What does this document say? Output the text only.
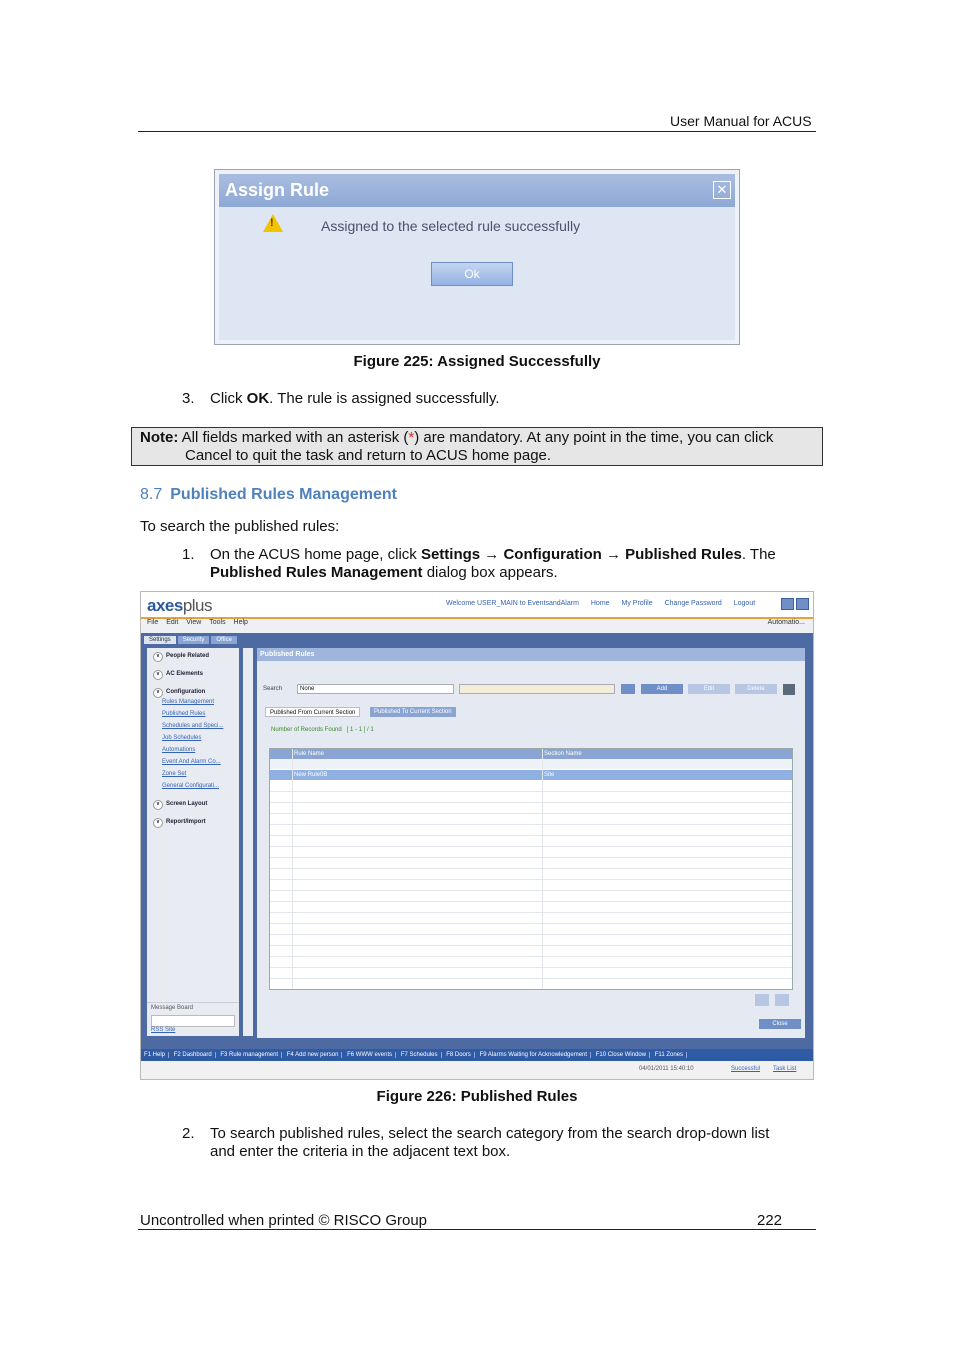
User Manual for ACUS
Assign Rule	✕
!	Assigned to the selected rule successfully
Ok
Figure 225: Assigned Successfully
3. Click OK. The rule is assigned successfully.
Note: All fields marked with an asterisk (*) are mandatory. At any point in the time, you can click
Cancel to quit the task and return to ACUS home page.
8.7 Published Rules Management
To search the published rules:
1. On the ACUS home page, click Settings → Configuration → Published Rules. The
Published Rules Management dialog box appears.
axesplus	Welcome USER_MAIN to EventsandAlarm Home My Profile Change Password Logout
File Edit View Tools Help	Automatio...
Settings Security Office
∨ People Related
∨ AC Elements
∨ Configuration
Rules Management
Published Rules
Schedules and Speci...
Job Schedules
Automations
Event And Alarm Co...
Zone Set
General Configurati...
∨ Screen Layout
∨ Report/Import
Message Board
RSS Site
Published Rules
Search	None	Add	Edit	Delete
Published From Current Section	Published To Current Section
Number of Records Found [ 1 - 1 ] / 1
Rule Name	Section Name
New Rule0B	Site
Close
F1 Help F2 Dashboard F3 Rule management F4 Add new person F6 WWW events F7 Schedules F8 Doors F9 Alarms Waiting for Acknowledgement F10 Close Window F11 Zones
04/01/2011 15:40:10	Successful Task List
Figure 226: Published Rules
2. To search published rules, select the search category from the search drop-down list
and enter the criteria in the adjacent text box.
Uncontrolled when printed © RISCO Group	222
